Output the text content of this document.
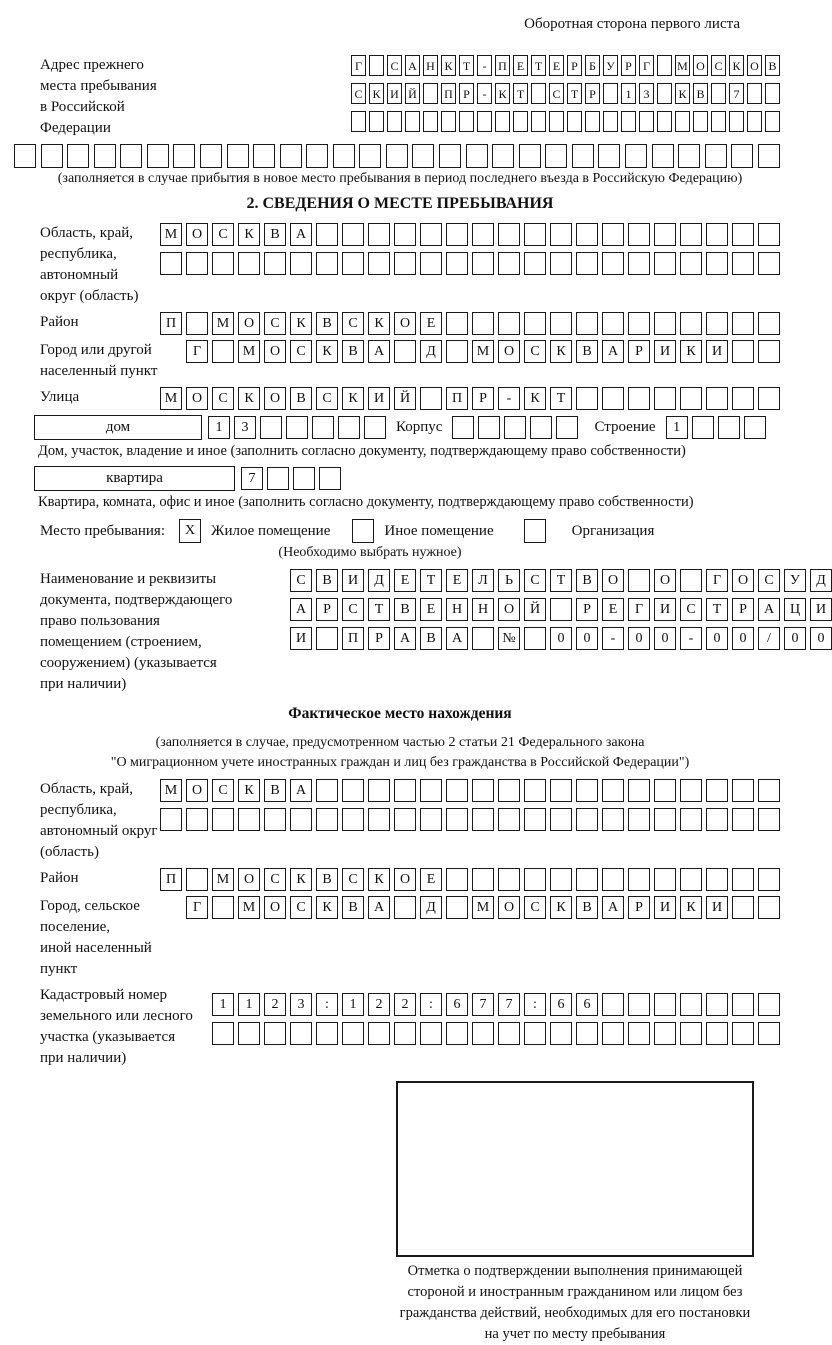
Оборотная сторона первого листа
Адрес прежнего
места пребывания
в Российской
Федерации
Г	С А Н К Т	- П Е Т Е Р Б У Р Г	М О С К О В
С К И Й П Р	- К Т	С Т Р	1	3	К В	7
(заполняется в случае прибытия в новое место пребывания в период последнего въезда в Российскую Федерацию)
2. СВЕДЕНИЯ О МЕСТЕ ПРЕБЫВАНИЯ
Область, край,
республика,
автономный
округ (область)
М	О	С	К	В	А
Район	П	М	О	С	К	В	С	К	О	Е
Город или другой
населенный пункт
Г	М	О	С	К	В	А	Д	М	О	С	К	В	А	Р	И	К	И
Улица	М	О	С	К	О	В	С	К	И	Й	П	Р	-	К	Т
дом	1	3	Корпус	Строение	1
Дом, участок, владение и иное (заполнить согласно документу, подтверждающему право собственности)
квартира	7
Квартира, комната, офис и иное (заполнить согласно документу, подтверждающему право собственности)
Место пребывания:	X	Жилое помещение	Иное помещение	Организация
(Необходимо выбрать нужное)
Наименование и реквизиты
документа, подтверждающего
право пользования
помещением (строением,
сооружением) (указывается
при наличии)
С	В	И	Д	Е	Т	Е	Л	Ь	С	Т	В	О	О	Г	О	С	У	Д
А	Р	С	Т	В	Е	Н	Н	О	Й	Р	Е	Г	И	С	Т	Р	А	Ц	И
И	П	Р	А	В	А	№	0	0	-	0	0	-	0	0	/	0	0
Фактическое место нахождения
(заполняется в случае, предусмотренном частью 2 статьи 21 Федерального закона
"О миграционном учете иностранных граждан и лиц без гражданства в Российской Федерации")
Область, край,
республика,
автономный округ
(область)
М	О	С	К	В	А
Район	П	М	О	С	К	В	С	К	О	Е
Город, сельское поселение,
иной населенный пункт
Г	М	О	С	К	В	А	Д	М	О	С	К	В	А	Р	И	К	И
Кадастровый номер
земельного или лесного
участка (указывается
при наличии)
1	1	2	3	:	1	2	2	:	6	7	7	:	6	6
Отметка о подтверждении выполнения принимающей
стороной и иностранным гражданином или лицом без
гражданства действий, необходимых для его постановки
на учет по месту пребывания
